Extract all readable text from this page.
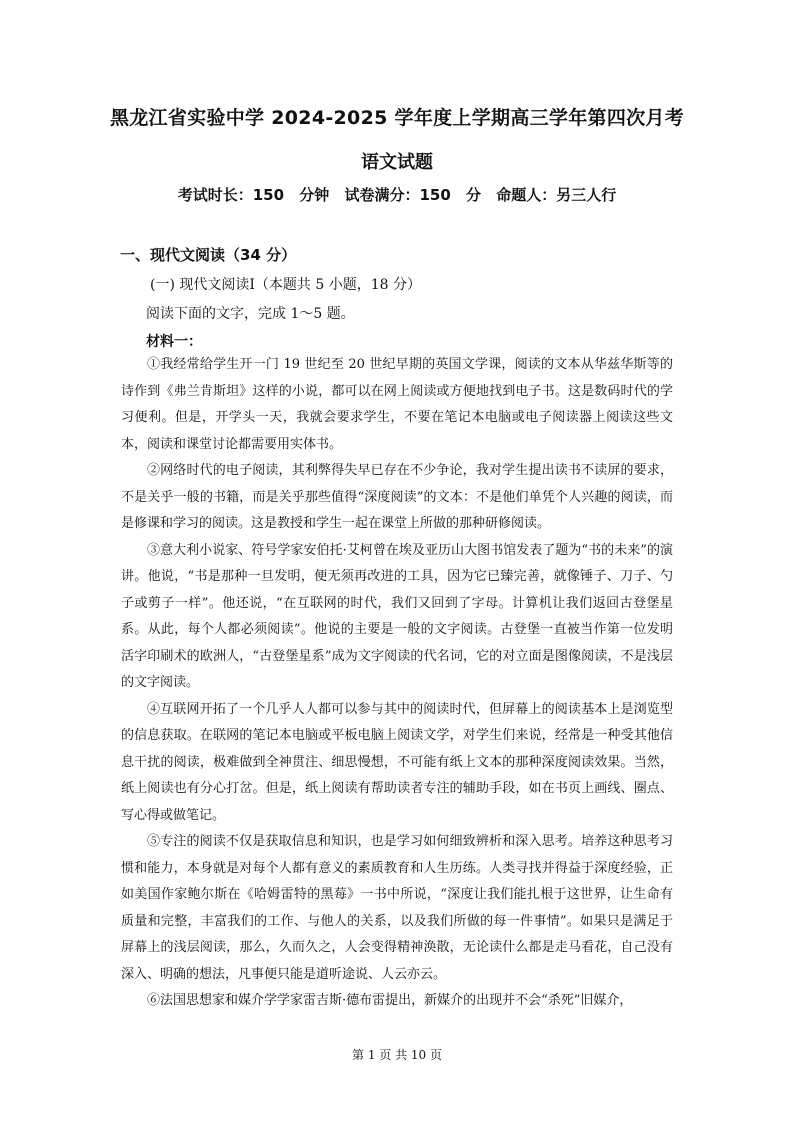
黑龙江省实验中学 2024-2025 学年度上学期高三学年第四次月考
语文试题
考试时长：150 分钟 试卷满分：150 分 命题人：另三人行
一、现代文阅读（34 分）
(一) 现代文阅读Ⅰ（本题共 5 小题，18 分）
阅读下面的文字，完成 1～5 题。
材料一：

①我经常给学生开一门 19 世纪至 20 世纪早期的英国文学课，阅读的文本从华兹华斯等的诗作到《弗兰肯斯坦》这样的小说，都可以在网上阅读或方便地找到电子书。这是数码时代的学习便利。但是，开学头一天，我就会要求学生，不要在笔记本电脑或电子阅读器上阅读这些文本，阅读和课堂讨论都需要用实体书。

②网络时代的电子阅读，其利弊得失早已存在不少争论，我对学生提出读书不读屏的要求，不是关乎一般的书籍，而是关乎那些值得“深度阅读”的文本：不是他们单凭个人兴趣的阅读，而是修课和学习的阅读。这是教授和学生一起在课堂上所做的那种研修阅读。

③意大利小说家、符号学家安伯托·艾柯曾在埃及亚历山大图书馆发表了题为“书的未来”的演讲。他说，“书是那种一旦发明，便无须再改进的工具，因为它已臻完善，就像锤子、刀子、勺子或剪子一样”。他还说，“在互联网的时代，我们又回到了字母。计算机让我们返回古登堡星系。从此，每个人都必须阅读”。他说的主要是一般的文字阅读。古登堡一直被当作第一位发明活字印刷术的欧洲人，“古登堡星系”成为文字阅读的代名词，它的对立面是图像阅读，不是浅层的文字阅读。

④互联网开拓了一个几乎人人都可以参与其中的阅读时代，但屏幕上的阅读基本上是浏览型的信息获取。在联网的笔记本电脑或平板电脑上阅读文学，对学生们来说，经常是一种受其他信息干扰的阅读，极难做到全神贯注、细思慢想，不可能有纸上文本的那种深度阅读效果。当然，纸上阅读也有分心打岔。但是，纸上阅读有帮助读者专注的辅助手段，如在书页上画线、圈点、写心得或做笔记。

⑤专注的阅读不仅是获取信息和知识，也是学习如何细致辨析和深入思考。培养这种思考习惯和能力，本身就是对每个人都有意义的素质教育和人生历练。人类寻找并得益于深度经验，正如美国作家鲍尔斯在《哈姆雷特的黑莓》一书中所说，“深度让我们能扎根于这世界，让生命有质量和完整，丰富我们的工作、与他人的关系，以及我们所做的每一件事情”。如果只是满足于屏幕上的浅层阅读，那么，久而久之，人会变得精神涣散，无论读什么都是走马看花，自己没有深入、明确的想法，凡事便只能是道听途说、人云亦云。

⑥法国思想家和媒介学学家雷吉斯·德布雷提出，新媒介的出现并不会“杀死”旧媒介，

第 1 页 共 10 页
